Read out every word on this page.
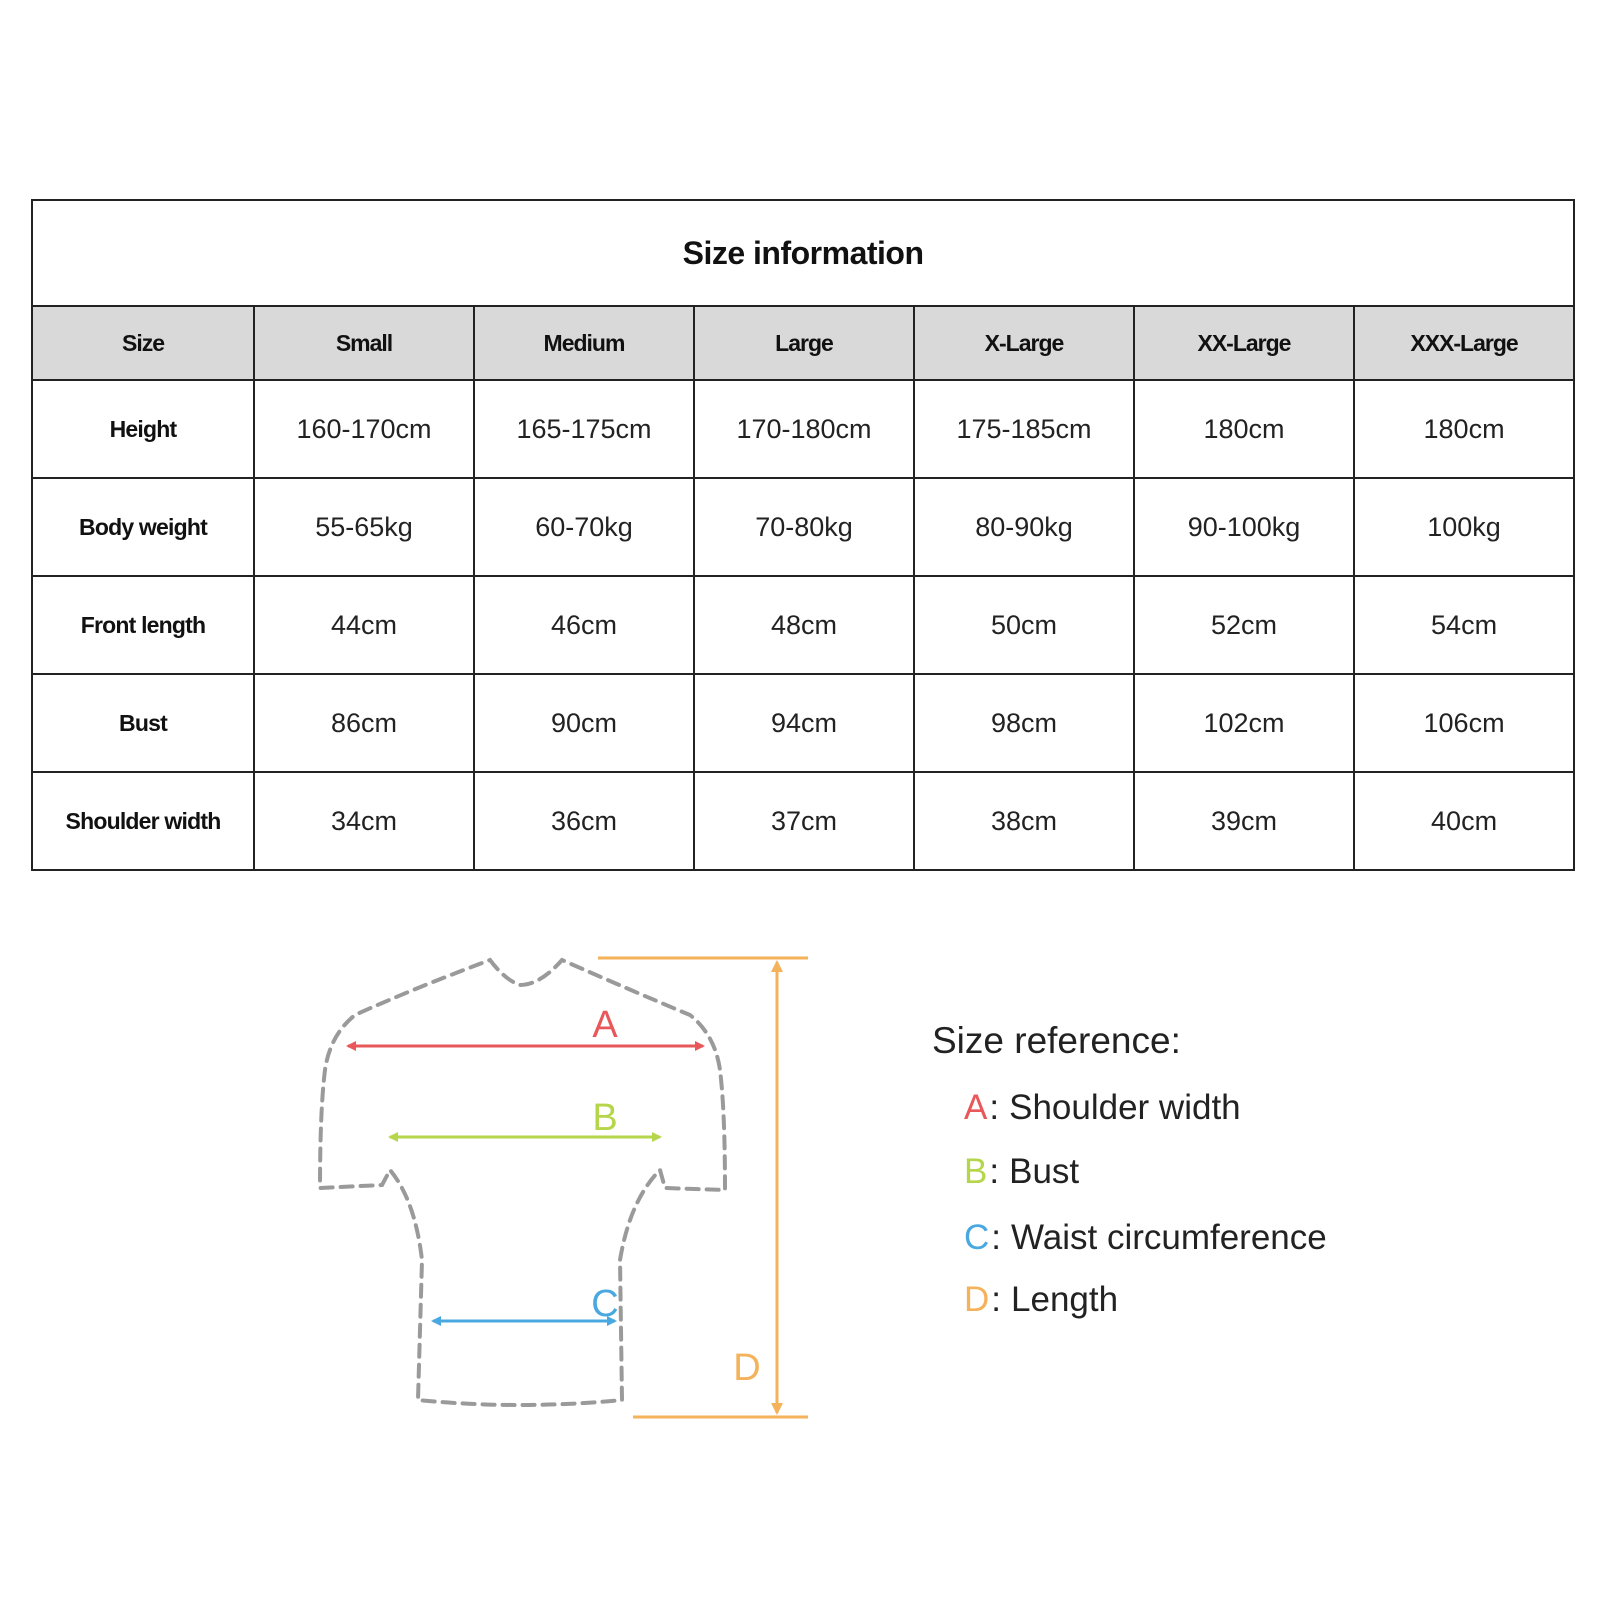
Size information						
Size	Small	Medium	Large	X-Large	XX-Large	XXX-Large
Height	160-170cm	165-175cm	170-180cm	175-185cm	180cm	180cm
Body weight	55-65kg	60-70kg	70-80kg	80-90kg	90-100kg	100kg
Front length	44cm	46cm	48cm	50cm	52cm	54cm
Bust	86cm	90cm	94cm	98cm	102cm	106cm
Shoulder width	34cm	36cm	37cm	38cm	39cm	40cm
A
B
C
D
Size reference:
A: Shoulder width
B: Bust
C: Waist circumference
D: Length
